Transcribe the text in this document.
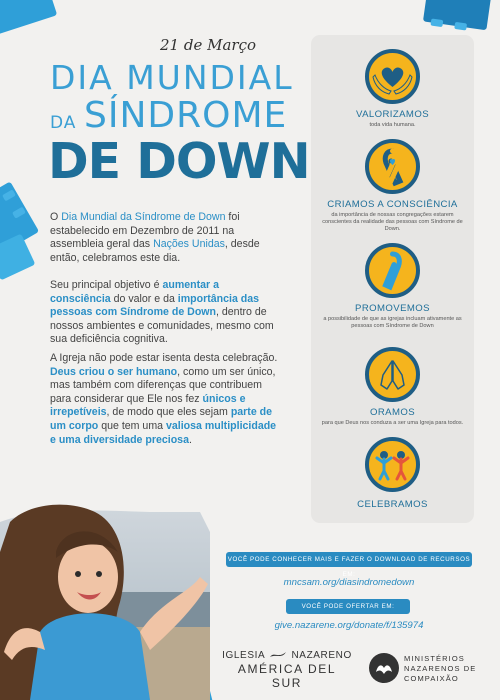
21 de Março
DIA MUNDIAL
DA SÍNDROME
DE DOWN

O Dia Mundial da Síndrome de Down foi estabelecido em Dezembro de 2011 na assembleia geral das Nações Unidas, desde então, celebramos este dia.

Seu principal objetivo é aumentar a consciência do valor e da importância das pessoas com Síndrome de Down, dentro de nossos ambientes e comunidades, mesmo com sua deficiência cognitiva.

A Igreja não pode estar isenta desta celebração. Deus criou o ser humano, como um ser único, mas também com diferenças que contribuem para considerar que Ele nos fez únicos e irrepetíveis, de modo que eles sejam parte de um corpo que tem uma valiosa multiplicidade e uma diversidade preciosa.

VALORIZAMOS
toda vida humana.
CRIAMOS A CONSCIÊNCIA
da importância de nossas congregações estarem conscientes da realidade das pessoas com Síndrome de Down.
PROMOVEMOS
a possibilidade de que as igrejas incluam ativamente as pessoas com Síndrome de Down
ORAMOS
para que Deus nos conduza a ser uma Igreja para todos.
CELEBRAMOS
VOCÊ PODE CONHECER MAIS E FAZER O DOWNLOAD DE RECURSOS EM:
mncsam.org/diasindromedown
VOCÊ PODE OFERTAR EM:
give.nazarene.org/donate/f/135974
IGLESIA	NAZARENO
AMÉRICA DEL SUR
MINISTÉRIOS
NAZARENOS DE
COMPAIXÃO
